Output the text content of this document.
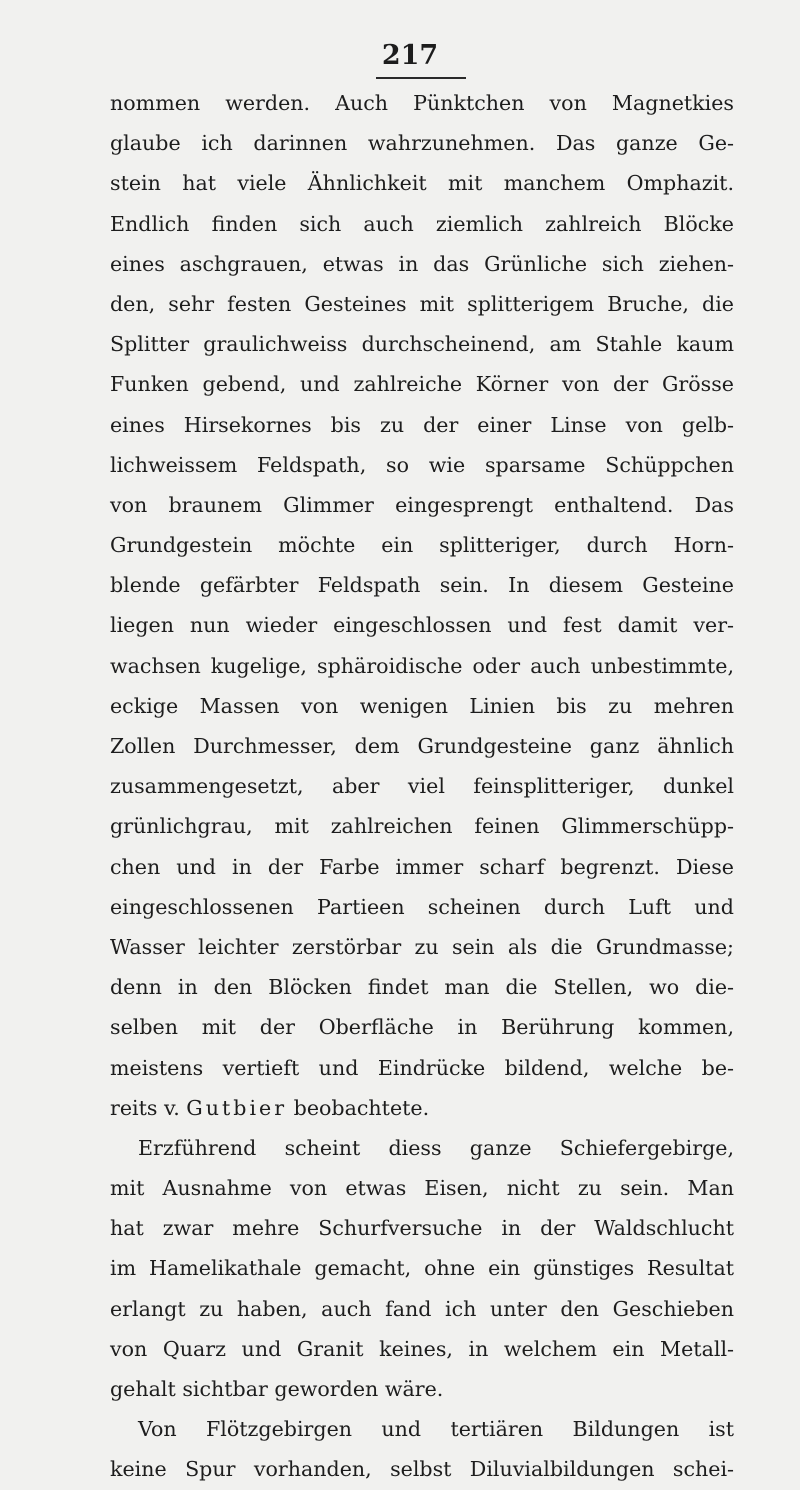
217
nommen werden. Auch Pünktchen von Magnetkies
glaube ich darinnen wahrzunehmen. Das ganze Ge-
stein hat viele Ähnlichkeit mit manchem Omphazit.
Endlich finden sich auch ziemlich zahlreich Blöcke
eines aschgrauen, etwas in das Grünliche sich ziehen-
den, sehr festen Gesteines mit splitterigem Bruche, die
Splitter graulichweiss durchscheinend, am Stahle kaum
Funken gebend, und zahlreiche Körner von der Grösse
eines Hirsekornes bis zu der einer Linse von gelb-
lichweissem Feldspath, so wie sparsame Schüppchen
von braunem Glimmer eingesprengt enthaltend. Das
Grundgestein möchte ein splitteriger, durch Horn-
blende gefärbter Feldspath sein. In diesem Gesteine
liegen nun wieder eingeschlossen und fest damit ver-
wachsen kugelige, sphäroidische oder auch unbestimmte,
eckige Massen von wenigen Linien bis zu mehren
Zollen Durchmesser, dem Grundgesteine ganz ähnlich
zusammengesetzt, aber viel feinsplitteriger, dunkel
grünlichgrau, mit zahlreichen feinen Glimmerschüpp-
chen und in der Farbe immer scharf begrenzt. Diese
eingeschlossenen Partieen scheinen durch Luft und
Wasser leichter zerstörbar zu sein als die Grundmasse;
denn in den Blöcken findet man die Stellen, wo die-
selben mit der Oberfläche in Berührung kommen,
meistens vertieft und Eindrücke bildend, welche be-
reits v. Gutbier beobachtete.
Erzführend scheint diess ganze Schiefergebirge,
mit Ausnahme von etwas Eisen, nicht zu sein. Man
hat zwar mehre Schurfversuche in der Waldschlucht
im Hamelikathale gemacht, ohne ein günstiges Resultat
erlangt zu haben, auch fand ich unter den Geschieben
von Quarz und Granit keines, in welchem ein Metall-
gehalt sichtbar geworden wäre.
Von Flötzgebirgen und tertiären Bildungen ist
keine Spur vorhanden, selbst Diluvialbildungen schei-
